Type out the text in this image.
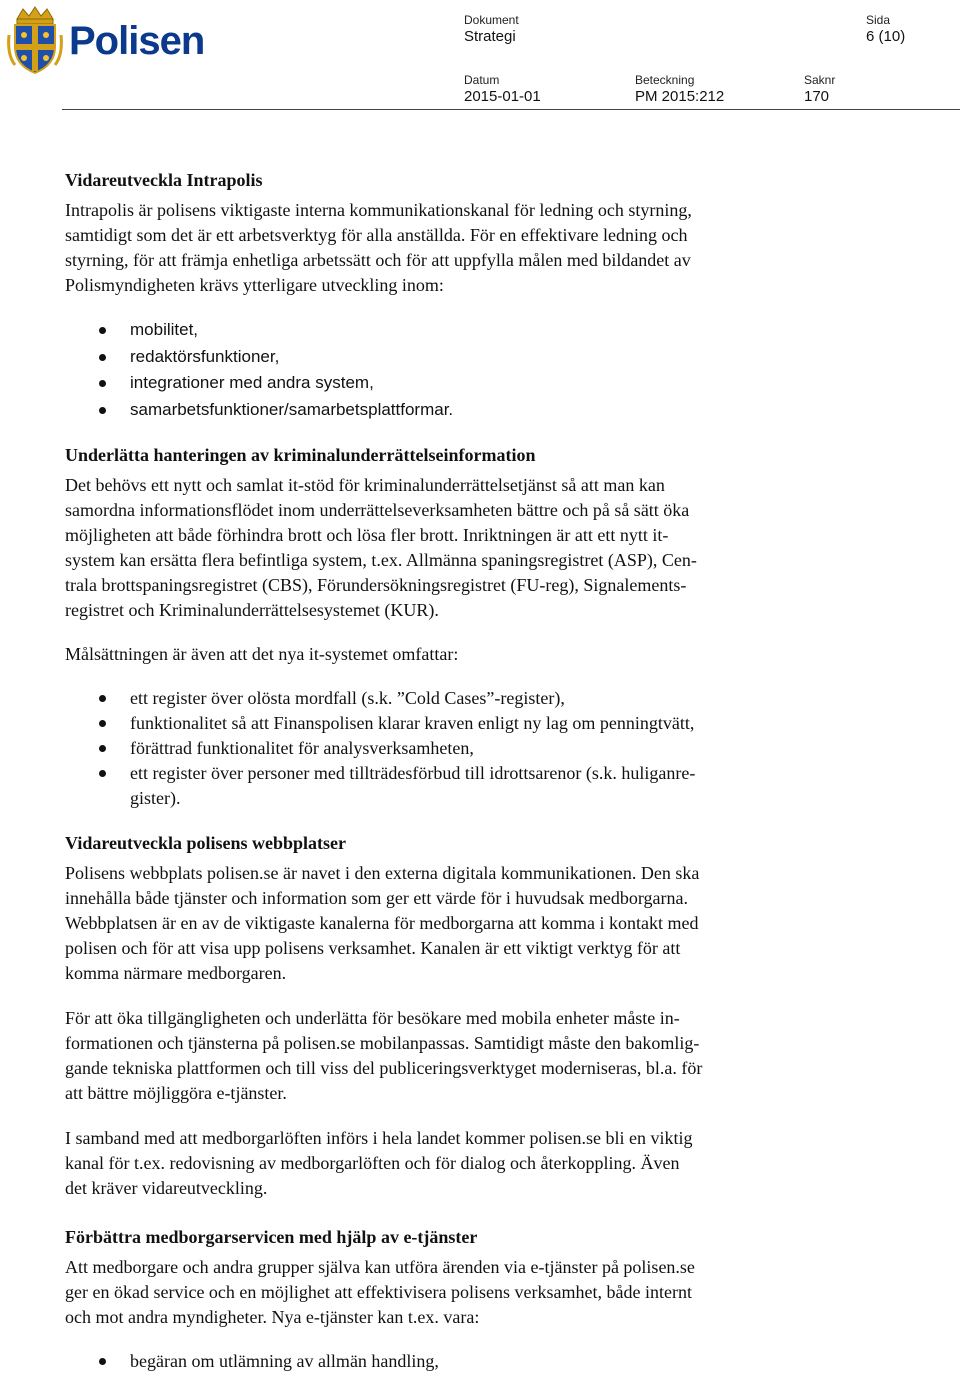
Polisen	Dokument
Strategi
Sida
6 (10)
Datum
2015-01-01
Beteckning
PM 2015:212
Saknr
170
Vidareutveckla Intrapolis
Intrapolis är polisens viktigaste interna kommunikationskanal för ledning och styrning,
samtidigt som det är ett arbetsverktyg för alla anställda. För en effektivare ledning och
styrning, för att främja enhetliga arbetssätt och för att uppfylla målen med bildandet av
Polismyndigheten krävs ytterligare utveckling inom:
mobilitet,
redaktörsfunktioner,
integrationer med andra system,
samarbetsfunktioner/samarbetsplattformar.
Underlätta hanteringen av kriminalunderrättelseinformation
Det behövs ett nytt och samlat it-stöd för kriminalunderrättelsetjänst så att man kan
samordna informationsflödet inom underrättelseverksamheten bättre och på så sätt öka
möjligheten att både förhindra brott och lösa fler brott. Inriktningen är att ett nytt it-
system kan ersätta flera befintliga system, t.ex. Allmänna spaningsregistret (ASP), Cen-
trala brottspaningsregistret (CBS), Förundersökningsregistret (FU-reg), Signalements-
registret och Kriminalunderrättelsesystemet (KUR).
Målsättningen är även att det nya it-systemet omfattar:
ett register över olösta mordfall (s.k. ”Cold Cases”-register),
funktionalitet så att Finanspolisen klarar kraven enligt ny lag om penningtvätt,
förättrad funktionalitet för analysverksamheten,
ett register över personer med tillträdesförbud till idrottsarenor (s.k. huliganre-
gister).
Vidareutveckla polisens webbplatser
Polisens webbplats polisen.se är navet i den externa digitala kommunikationen. Den ska
innehålla både tjänster och information som ger ett värde för i huvudsak medborgarna.
Webbplatsen är en av de viktigaste kanalerna för medborgarna att komma i kontakt med
polisen och för att visa upp polisens verksamhet. Kanalen är ett viktigt verktyg för att
komma närmare medborgaren.
För att öka tillgängligheten och underlätta för besökare med mobila enheter måste in-
formationen och tjänsterna på polisen.se mobilanpassas. Samtidigt måste den bakomlig-
gande tekniska plattformen och till viss del publiceringsverktyget moderniseras, bl.a. för
att bättre möjliggöra e-tjänster.
I samband med att medborgarlöften införs i hela landet kommer polisen.se bli en viktig
kanal för t.ex. redovisning av medborgarlöften och för dialog och återkoppling. Även
det kräver vidareutveckling.
Förbättra medborgarservicen med hjälp av e-tjänster
Att medborgare och andra grupper själva kan utföra ärenden via e-tjänster på polisen.se
ger en ökad service och en möjlighet att effektivisera polisens verksamhet, både internt
och mot andra myndigheter. Nya e-tjänster kan t.ex. vara:
begäran om utlämning av allmän handling,
